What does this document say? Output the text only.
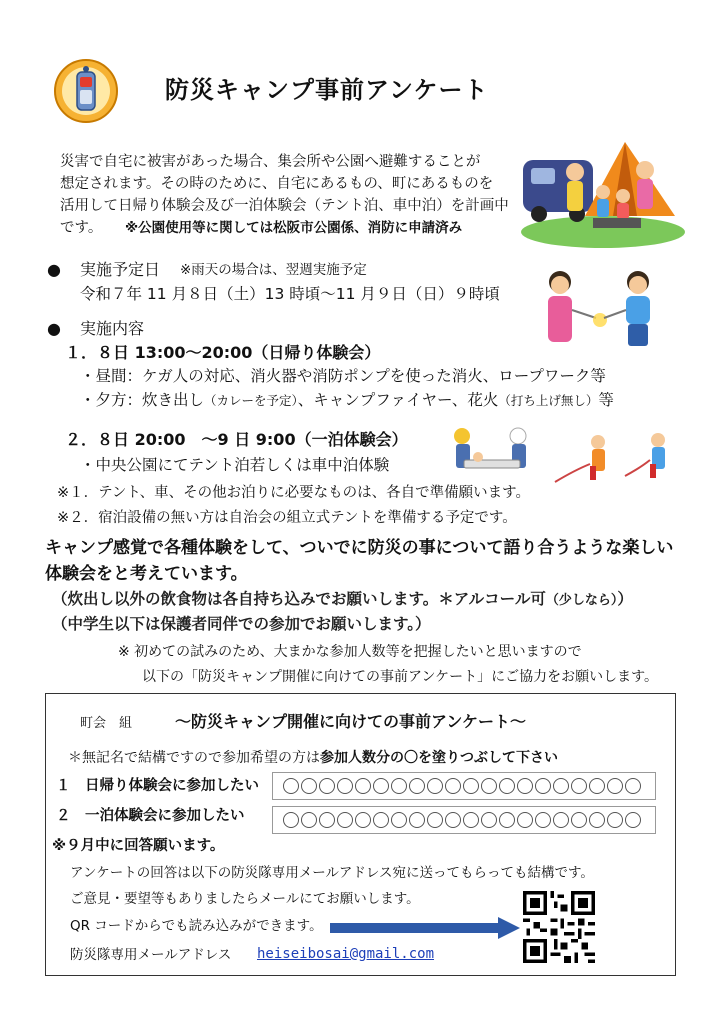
防災キャンプ事前アンケート
災害で自宅に被害があった場合、集会所や公園へ避難することが
想定されます。その時のために、自宅にあるもの、町にあるものを
活用して日帰り体験会及び一泊体験会（テント泊、車中泊）を計画中
です。 ※公園使用等に関しては松阪市公園係、消防に申請済み
● 実施予定日 ※雨天の場合は、翌週実施予定
令和７年 11 月８日（土）13 時頃～11 月９日（日）９時頃
● 実施内容
１．８日 13:00～20:00（日帰り体験会）
・昼間：ケガ人の対応、消火器や消防ポンプを使った消火、ロープワーク等
・夕方：炊き出し（カレーを予定）、キャンプファイヤー、花火（打ち上げ無し）等
２．８日 20:00　～9 日 9:00（一泊体験会）
・中央公園にてテント泊若しくは車中泊体験
※１．テント、車、その他お泊りに必要なものは、各自で準備願います。
※２．宿泊設備の無い方は自治会の組立式テントを準備する予定です。
キャンプ感覚で各種体験をして、ついでに防災の事について語り合うような楽しい
体験会をと考えています。
（炊出し以外の飲食物は各自持ち込みでお願いします。＊アルコール可（少しなら））
（中学生以下は保護者同伴での参加でお願いします。）
※ 初めての試みのため、大まかな参加人数等を把握したいと思いますので
以下の「防災キャンプ開催に向けての事前アンケート」にご協力をお願いします。
町会　組	～防災キャンプ開催に向けての事前アンケート～
＊無記名で結構ですので参加希望の方は参加人数分の〇を塗りつぶして下さい
１　日帰り体験会に参加したい
２　一泊体験会に参加したい
※９月中に回答願います。
アンケートの回答は以下の防災隊専用メールアドレス宛に送ってもらっても結構です。
ご意見・要望等もありましたらメールにてお願いします。
QR コードからでも読み込みができます。
防災隊専用メールアドレス heiseibosai@gmail.com
